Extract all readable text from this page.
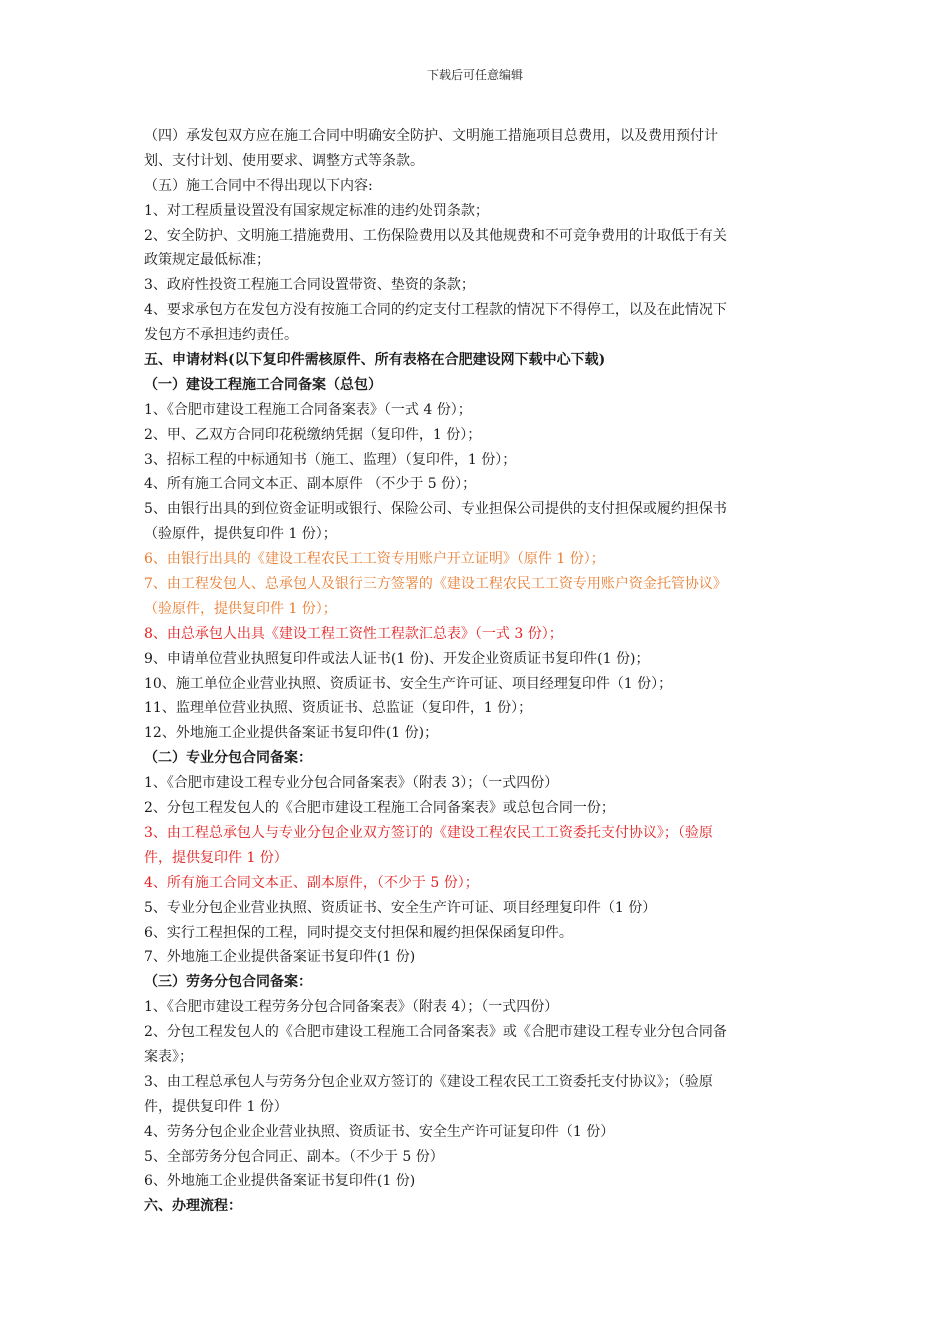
下载后可任意编辑
（四）承发包双方应在施工合同中明确安全防护、文明施工措施项目总费用，以及费用预付计
划、支付计划、使用要求、调整方式等条款。
（五）施工合同中不得出现以下内容:
1、对工程质量设置没有国家规定标准的违约处罚条款；
2、安全防护、文明施工措施费用、工伤保险费用以及其他规费和不可竞争费用的计取低于有关
政策规定最低标准；
3、政府性投资工程施工合同设置带资、垫资的条款；
4、要求承包方在发包方没有按施工合同的约定支付工程款的情况下不得停工，以及在此情况下
发包方不承担违约责任。
五、申请材料(以下复印件需核原件、所有表格在合肥建设网下载中心下载)
（一）建设工程施工合同备案（总包）
1、《合肥市建设工程施工合同备案表》（一式 4 份）；
2、甲、乙双方合同印花税缴纳凭据（复印件，1 份）；
3、招标工程的中标通知书（施工、监理）（复印件，1 份）；
4、所有施工合同文本正、副本原件 （不少于 5 份）；
5、由银行出具的到位资金证明或银行、保险公司、专业担保公司提供的支付担保或履约担保书
（验原件，提供复印件 1 份）；
6、由银行出具的《建设工程农民工工资专用账户开立证明》（原件 1 份）；
7、由工程发包人、总承包人及银行三方签署的《建设工程农民工工资专用账户资金托管协议》
（验原件，提供复印件 1 份）；
8、由总承包人出具《建设工程工资性工程款汇总表》（一式 3 份）；
9、申请单位营业执照复印件或法人证书(1 份)、开发企业资质证书复印件(1 份)；
10、施工单位企业营业执照、资质证书、安全生产许可证、项目经理复印件（1 份）；
11、监理单位营业执照、资质证书、总监证（复印件，1 份）；
12、外地施工企业提供备案证书复印件(1 份)；
（二）专业分包合同备案：
1、《合肥市建设工程专业分包合同备案表》（附表 3）；（一式四份）
2、分包工程发包人的《合肥市建设工程施工合同备案表》或总包合同一份；
3、由工程总承包人与专业分包企业双方签订的《建设工程农民工工资委托支付协议》；（验原
件，提供复印件 1 份）
4、所有施工合同文本正、副本原件，（不少于 5 份）；
5、专业分包企业营业执照、资质证书、安全生产许可证、项目经理复印件（1 份）
6、实行工程担保的工程，同时提交支付担保和履约担保保函复印件。
7、外地施工企业提供备案证书复印件(1 份)
（三）劳务分包合同备案：
1、《合肥市建设工程劳务分包合同备案表》（附表 4）；（一式四份）
2、分包工程发包人的《合肥市建设工程施工合同备案表》或《合肥市建设工程专业分包合同备
案表》；
3、由工程总承包人与劳务分包企业双方签订的《建设工程农民工工资委托支付协议》；（验原
件，提供复印件 1 份）
4、劳务分包企业企业营业执照、资质证书、安全生产许可证复印件（1 份）
5、全部劳务分包合同正、副本。（不少于 5 份）
6、外地施工企业提供备案证书复印件(1 份)
六、办理流程：
